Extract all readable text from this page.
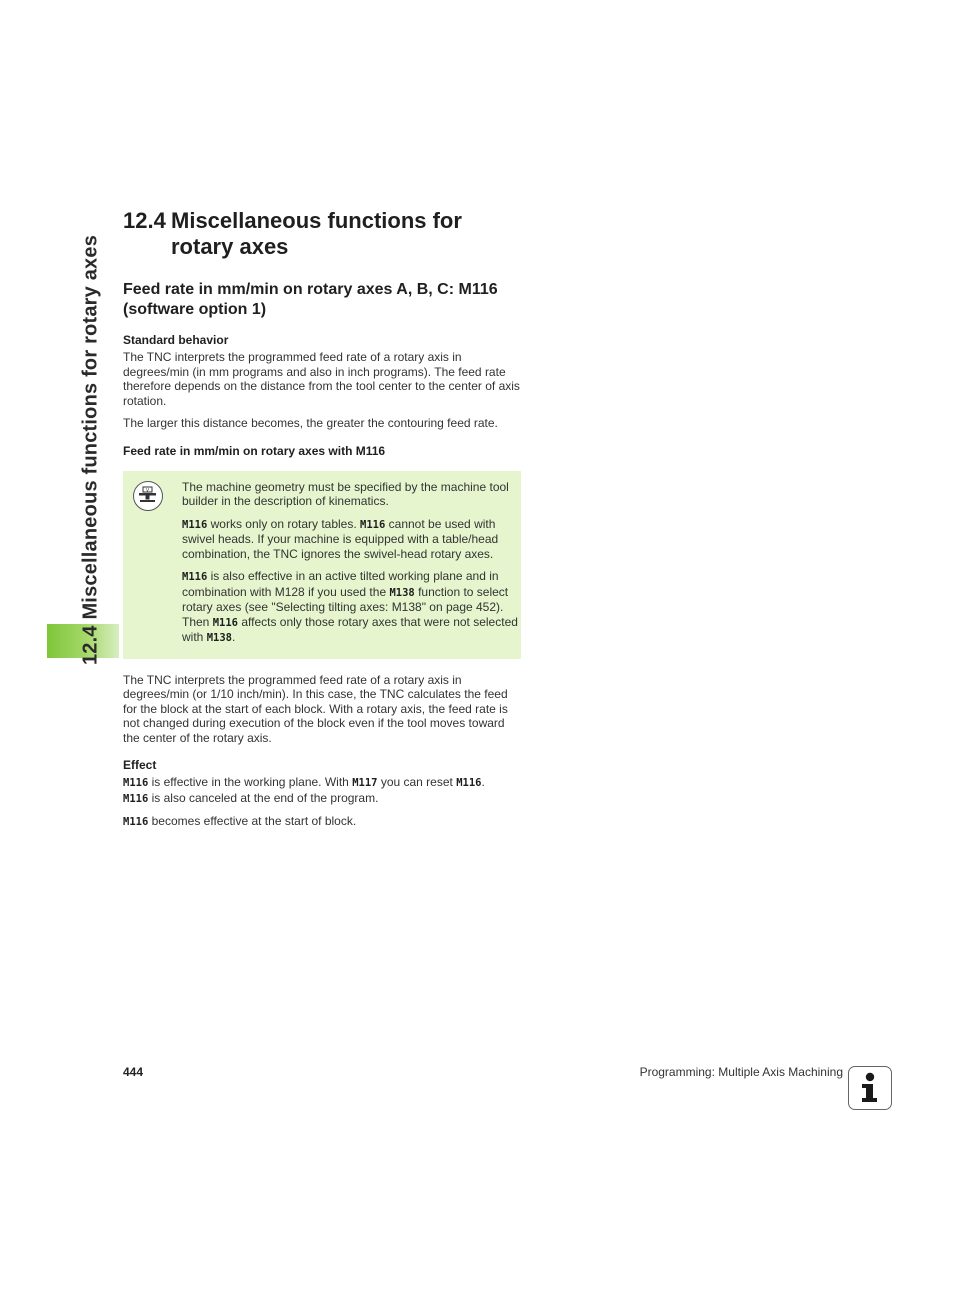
12.4 Miscellaneous functions for rotary axes
12.4 Miscellaneous functions for rotary axes
Feed rate in mm/min on rotary axes A, B, C: M116 (software option 1)
Standard behavior

The TNC interprets the programmed feed rate of a rotary axis in degrees/min (in mm programs and also in inch programs). The feed rate therefore depends on the distance from the tool center to the center of axis rotation.

The larger this distance becomes, the greater the contouring feed rate.

Feed rate in mm/min on rotary axes with M116
V	The machine geometry must be specified by the machine tool builder in the description of kinematics.

M116 works only on rotary tables. M116 cannot be used with swivel heads. If your machine is equipped with a table/head combination, the TNC ignores the swivel-head rotary axes.

M116 is also effective in an active tilted working plane and in combination with M128 if you used the M138 function to select rotary axes (see "Selecting tilting axes: M138" on page 452). Then M116 affects only those rotary axes that were not selected with M138.

The TNC interprets the programmed feed rate of a rotary axis in degrees/min (or 1/10 inch/min). In this case, the TNC calculates the feed for the block at the start of each block. With a rotary axis, the feed rate is not changed during execution of the block even if the tool moves toward the center of the rotary axis.

Effect

M116 is effective in the working plane. With M117 you can reset M116.
M116 is also canceled at the end of the program.

M116 becomes effective at the start of block.

444	Programming: Multiple Axis Machining
